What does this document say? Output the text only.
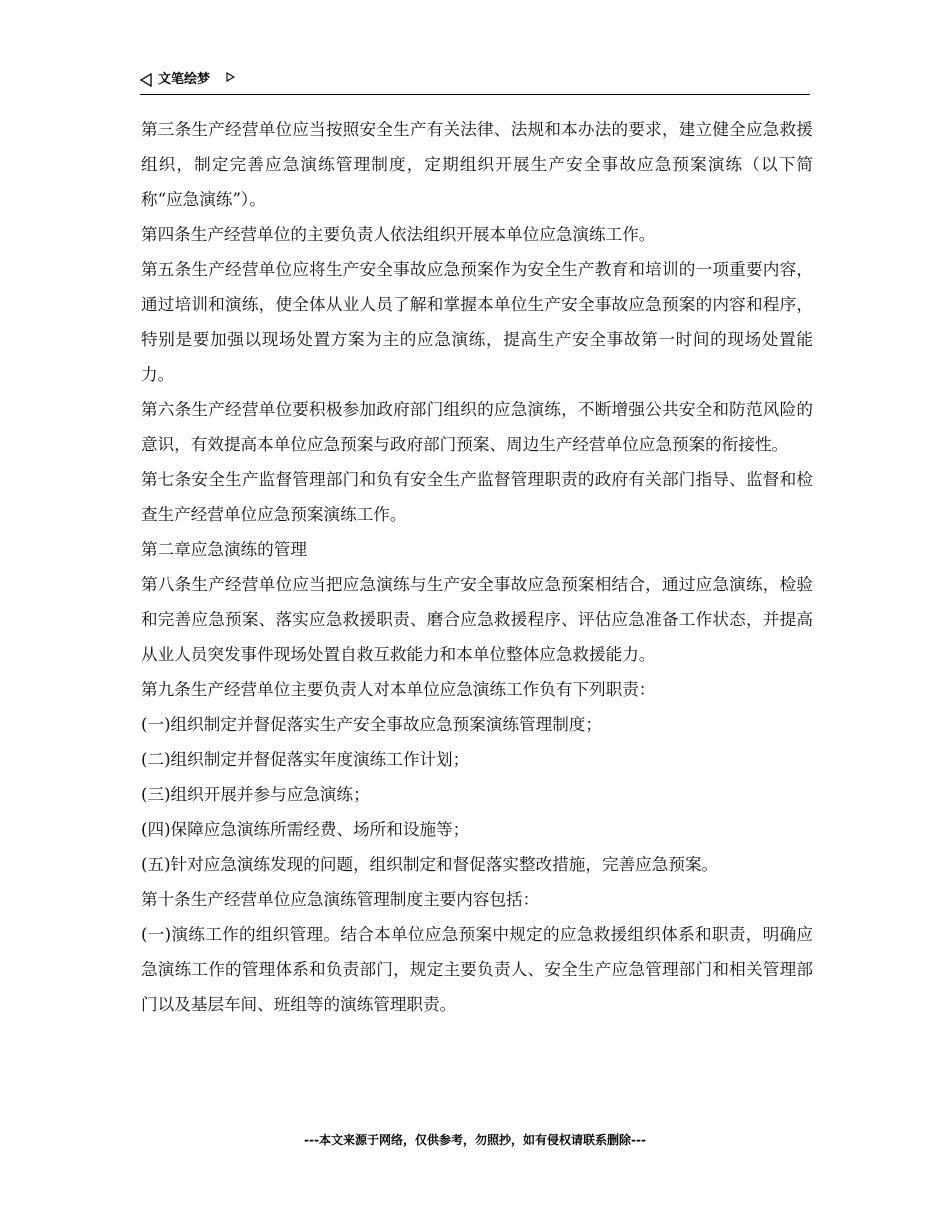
文笔绘梦

第三条生产经营单位应当按照安全生产有关法律、法规和本办法的要求，建立健全应急救援组织，制定完善应急演练管理制度，定期组织开展生产安全事故应急预案演练（以下简称“应急演练”）。

第四条生产经营单位的主要负责人依法组织开展本单位应急演练工作。

第五条生产经营单位应将生产安全事故应急预案作为安全生产教育和培训的一项重要内容，通过培训和演练，使全体从业人员了解和掌握本单位生产安全事故应急预案的内容和程序，特别是要加强以现场处置方案为主的应急演练，提高生产安全事故第一时间的现场处置能力。

第六条生产经营单位要积极参加政府部门组织的应急演练，不断增强公共安全和防范风险的意识，有效提高本单位应急预案与政府部门预案、周边生产经营单位应急预案的衔接性。

第七条安全生产监督管理部门和负有安全生产监督管理职责的政府有关部门指导、监督和检查生产经营单位应急预案演练工作。

第二章应急演练的管理

第八条生产经营单位应当把应急演练与生产安全事故应急预案相结合，通过应急演练，检验和完善应急预案、落实应急救援职责、磨合应急救援程序、评估应急准备工作状态，并提高从业人员突发事件现场处置自救互救能力和本单位整体应急救援能力。

第九条生产经营单位主要负责人对本单位应急演练工作负有下列职责：

(一)组织制定并督促落实生产安全事故应急预案演练管理制度；

(二)组织制定并督促落实年度演练工作计划；

(三)组织开展并参与应急演练；

(四)保障应急演练所需经费、场所和设施等；

(五)针对应急演练发现的问题，组织制定和督促落实整改措施，完善应急预案。

第十条生产经营单位应急演练管理制度主要内容包括：

(一)演练工作的组织管理。结合本单位应急预案中规定的应急救援组织体系和职责，明确应急演练工作的管理体系和负责部门，规定主要负责人、安全生产应急管理部门和相关管理部门以及基层车间、班组等的演练管理职责。

---本文来源于网络，仅供参考，勿照抄，如有侵权请联系删除---
